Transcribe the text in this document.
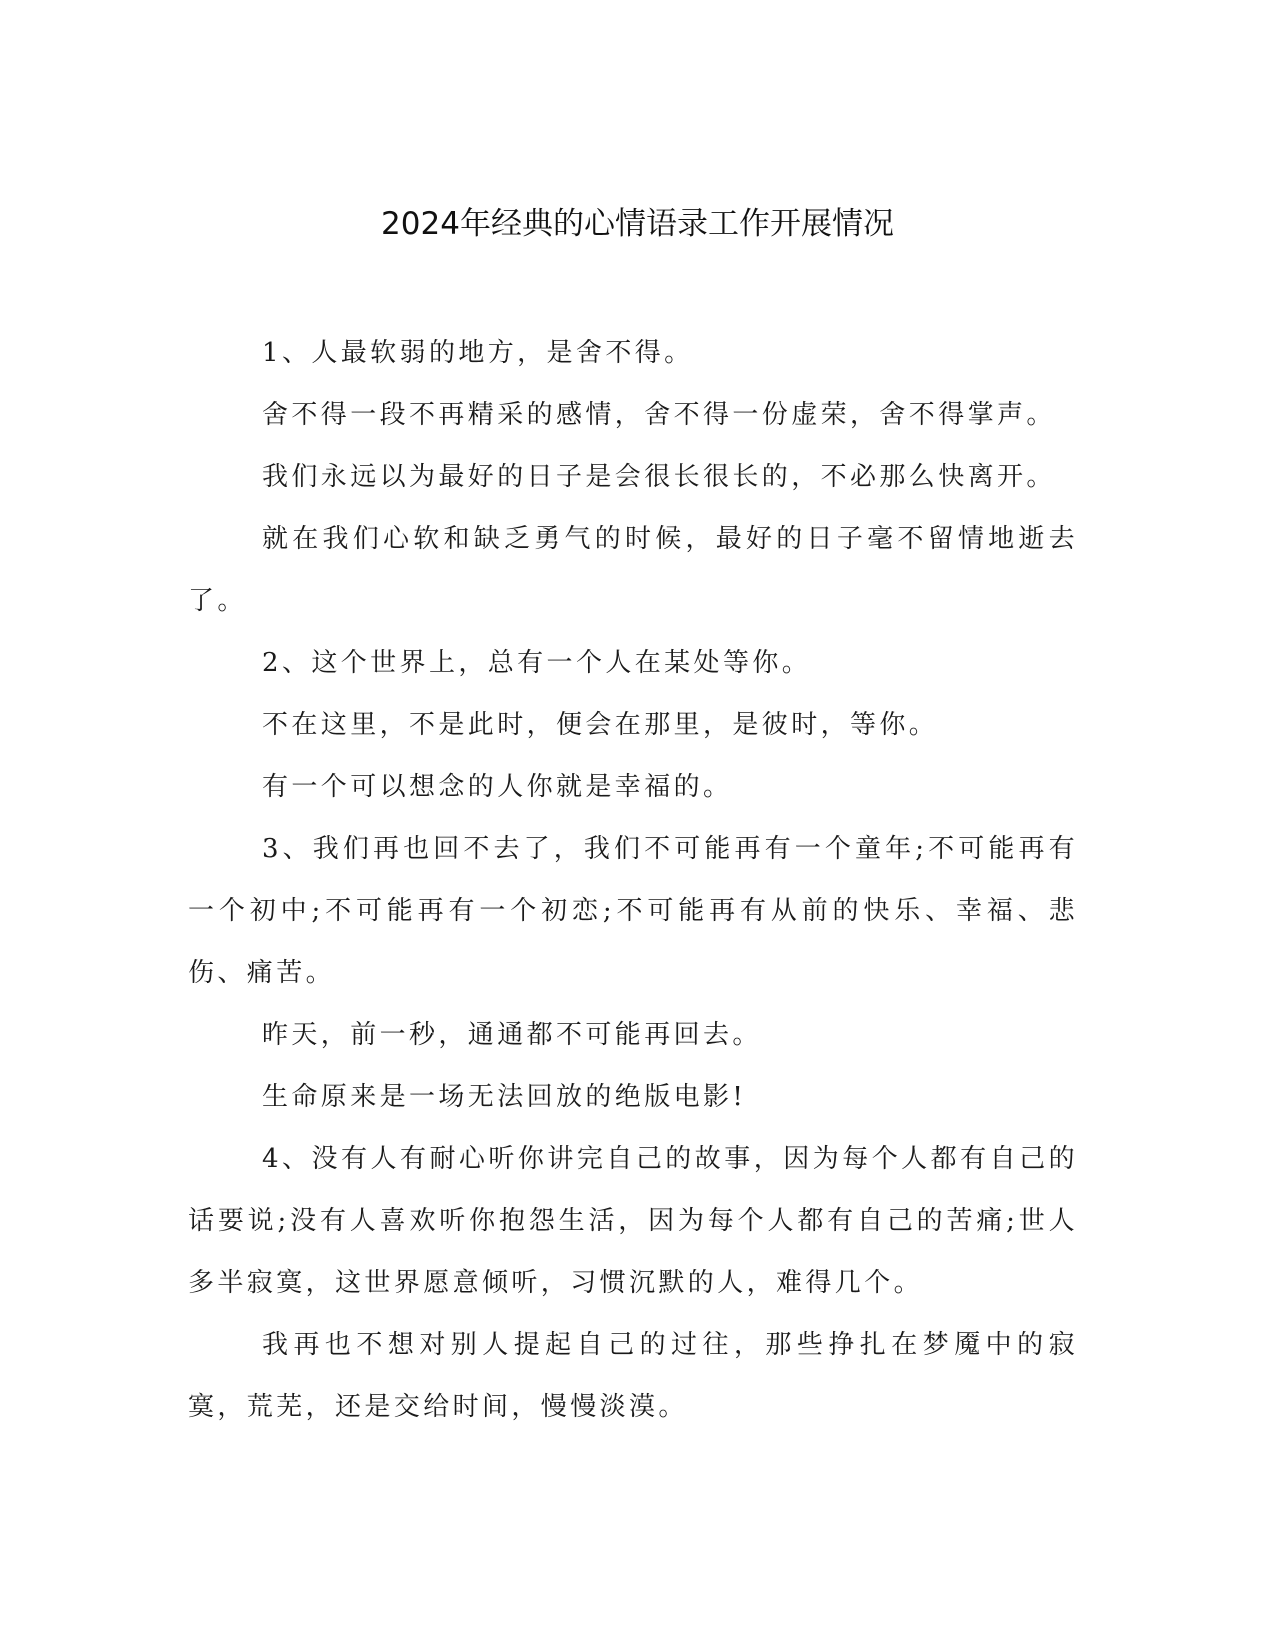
2024年经典的心情语录工作开展情况

1、人最软弱的地方，是舍不得。

舍不得一段不再精采的感情，舍不得一份虚荣，舍不得掌声。

我们永远以为最好的日子是会很长很长的，不必那么快离开。

就在我们心软和缺乏勇气的时候，最好的日子毫不留情地逝去了。

2、这个世界上，总有一个人在某处等你。

不在这里，不是此时，便会在那里，是彼时，等你。

有一个可以想念的人你就是幸福的。

3、我们再也回不去了，我们不可能再有一个童年;不可能再有一个初中;不可能再有一个初恋;不可能再有从前的快乐、幸福、悲伤、痛苦。

昨天，前一秒，通通都不可能再回去。

生命原来是一场无法回放的绝版电影!

4、没有人有耐心听你讲完自己的故事，因为每个人都有自己的话要说;没有人喜欢听你抱怨生活，因为每个人都有自己的苦痛;世人多半寂寞，这世界愿意倾听，习惯沉默的人，难得几个。

我再也不想对别人提起自己的过往，那些挣扎在梦魇中的寂寞，荒芜，还是交给时间，慢慢淡漠。
